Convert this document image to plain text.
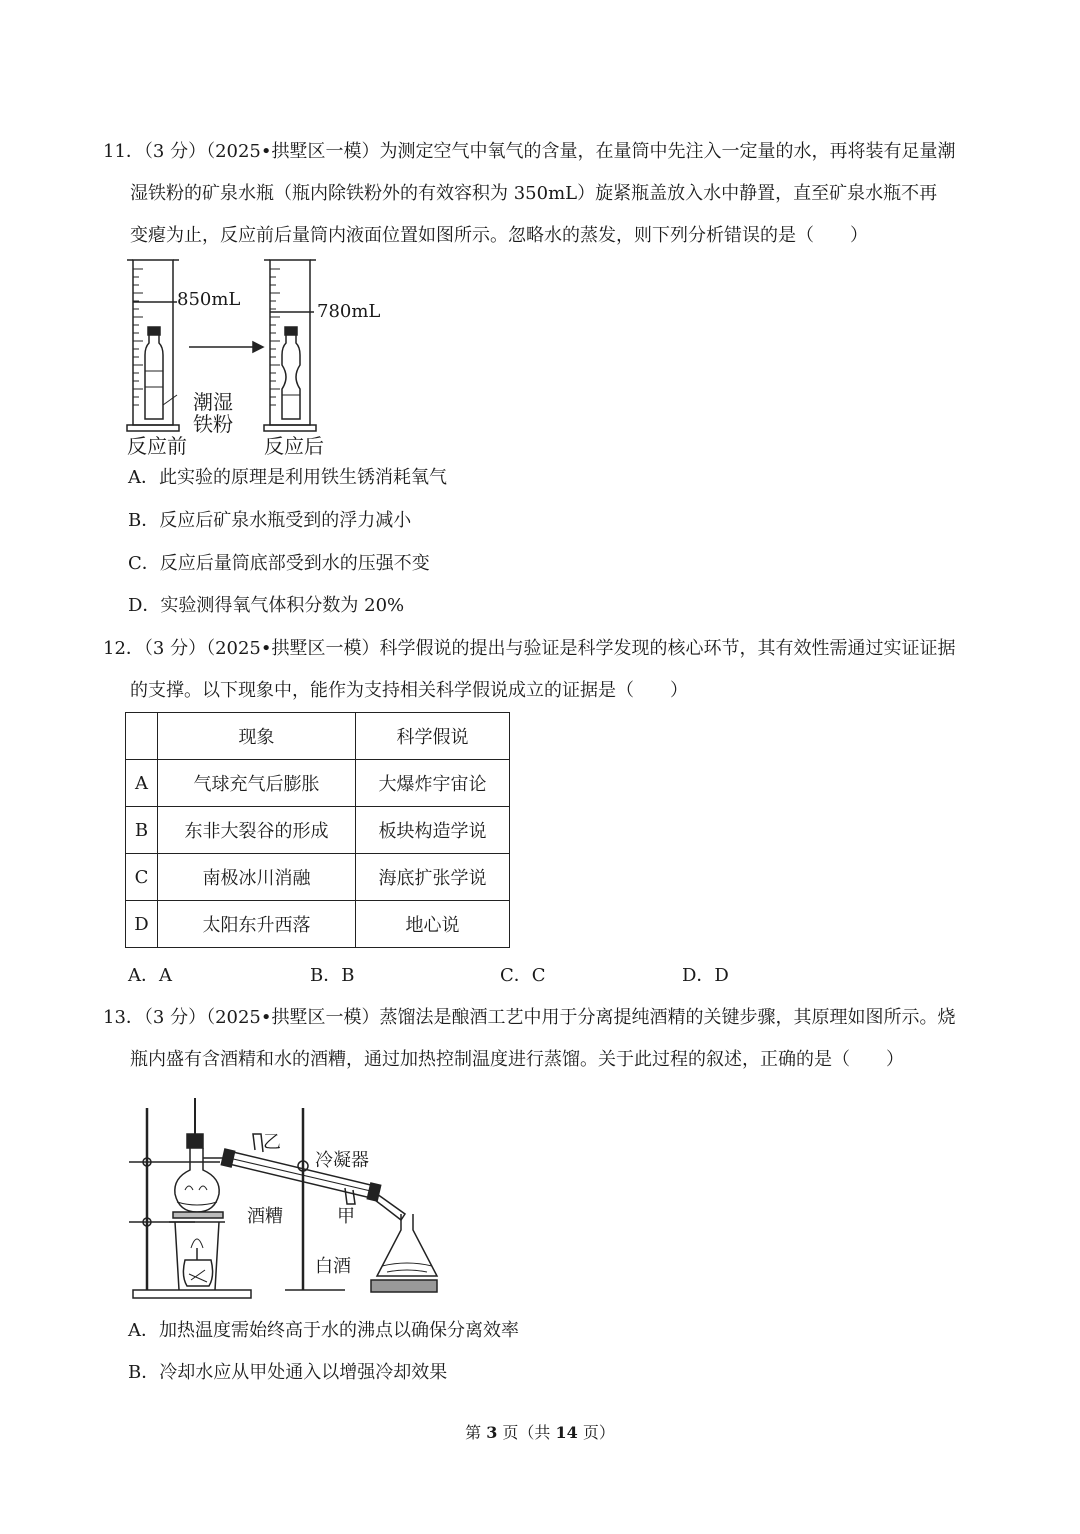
11．（3 分）（2025•拱墅区一模）为测定空气中氧气的含量，在量筒中先注入一定量的水，再将装有足量潮
湿铁粉的矿泉水瓶（瓶内除铁粉外的有效容积为 350mL）旋紧瓶盖放入水中静置，直至矿泉水瓶不再
变瘪为止，反应前后量筒内液面位置如图所示。忽略水的蒸发，则下列分析错误的是（　　）
850mL
潮湿
铁粉
反应前
780mL
反应后
A．此实验的原理是利用铁生锈消耗氧气
B．反应后矿泉水瓶受到的浮力减小
C．反应后量筒底部受到水的压强不变
D．实验测得氧气体积分数为 20%
12．（3 分）（2025•拱墅区一模）科学假说的提出与验证是科学发现的核心环节，其有效性需通过实证证据
的支撑。以下现象中，能作为支持相关科学假说成立的证据是（　　）
	现象	科学假说
A	气球充气后膨胀	大爆炸宇宙论
B	东非大裂谷的形成	板块构造学说
C	南极冰川消融	海底扩张学说
D	太阳东升西落	地心说
A．A	B．B	C．C	D．D
13．（3 分）（2025•拱墅区一模）蒸馏法是酿酒工艺中用于分离提纯酒精的关键步骤，其原理如图所示。烧
瓶内盛有含酒精和水的酒糟，通过加热控制温度进行蒸馏。关于此过程的叙述，正确的是（　　）
乙
冷凝器
酒糟	甲
白酒
A．加热温度需始终高于水的沸点以确保分离效率
B．冷却水应从甲处通入以增强冷却效果
第 3 页（共 14 页）
